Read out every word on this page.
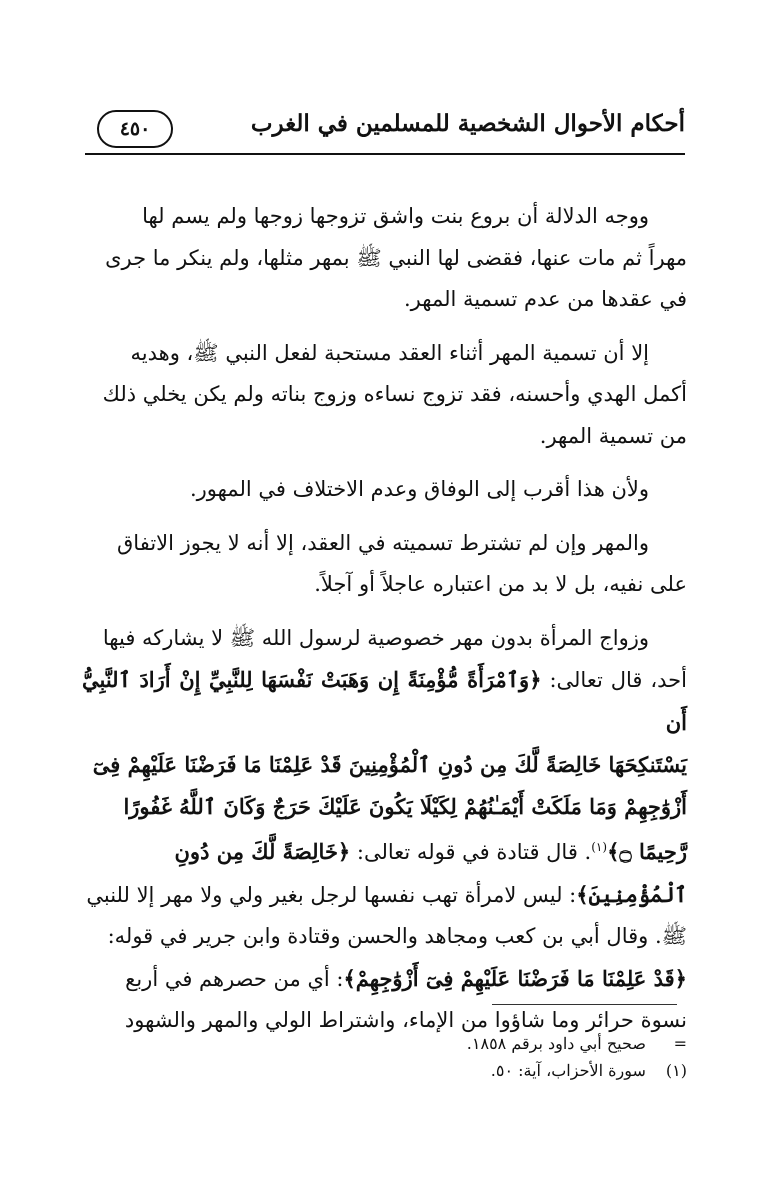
أحكام الأحوال الشخصية للمسلمين في الغرب
٤٥٠

ووجه الدلالة أن بروع بنت واشق تزوجها زوجها ولم يسم لها
مهراً ثم مات عنها، فقضى لها النبي ﷺ بمهر مثلها، ولم ينكر ما جرى
في عقدها من عدم تسمية المهر.

إلا أن تسمية المهر أثناء العقد مستحبة لفعل النبي ﷺ، وهديه
أكمل الهدي وأحسنه، فقد تزوج نساءه وزوج بناته ولم يكن يخلي ذلك
من تسمية المهر.

ولأن هذا أقرب إلى الوفاق وعدم الاختلاف في المهور.

والمهر وإن لم تشترط تسميته في العقد، إلا أنه لا يجوز الاتفاق
على نفيه، بل لا بد من اعتباره عاجلاً أو آجلاً.

وزواج المرأة بدون مهر خصوصية لرسول الله ﷺ لا يشاركه فيها
أحد، قال تعالى: ﴿وَٱمْرَأَةً مُّؤْمِنَةً إِن وَهَبَتْ نَفْسَهَا لِلنَّبِيِّ إِنْ أَرَادَ ٱلنَّبِيُّ أَن
يَسْتَنكِحَهَا خَالِصَةً لَّكَ مِن دُونِ ٱلْمُؤْمِنِينَ قَدْ عَلِمْنَا مَا فَرَضْنَا عَلَيْهِمْ فِىٓ
أَزْوَٰجِهِمْ وَمَا مَلَكَتْ أَيْمَـٰنُهُمْ لِكَيْلَا يَكُونَ عَلَيْكَ حَرَجٌ وَكَانَ ٱللَّهُ غَفُورًا
رَّحِيمًا ۝﴾$^{(١)}$. قال قتادة في قوله تعالى: ﴿خَالِصَةً لَّكَ مِن دُونِ
ٱلْمُؤْمِنِينَ﴾: ليس لامرأة تهب نفسها لرجل بغير ولي ولا مهر إلا للنبي
ﷺ. وقال أبي بن كعب ومجاهد والحسن وقتادة وابن جرير في قوله:
﴿قَدْ عَلِمْنَا مَا فَرَضْنَا عَلَيْهِمْ فِىٓ أَزْوَٰجِهِمْ﴾: أي من حصرهم في أربع
نسوة حرائر وما شاؤوا من الإماء، واشتراط الولي والمهر والشهود

= صحيح أبي داود برقم ١٨٥٨.
(١) سورة الأحزاب، آية: ٥٠.
